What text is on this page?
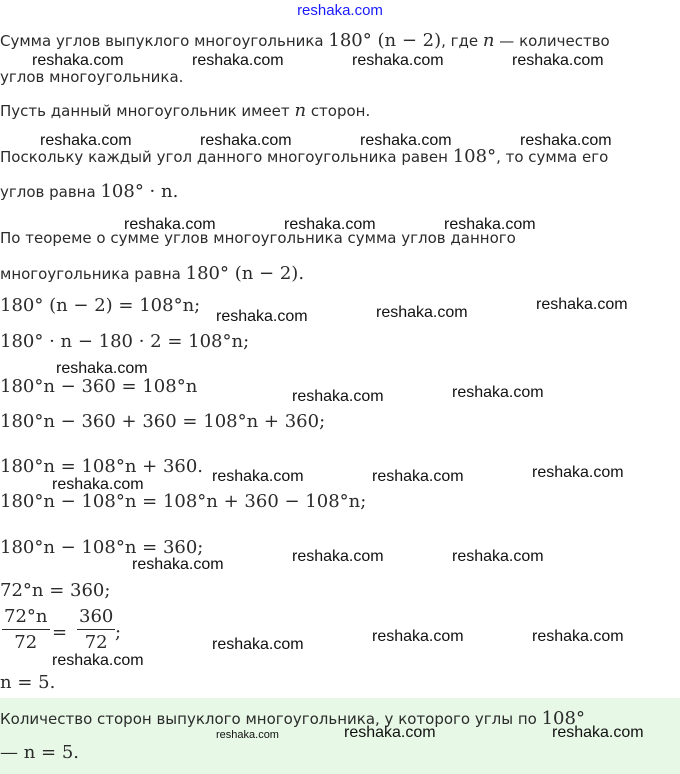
reshaka.com
Сумма углов выпуклого многоугольника 180° (n − 2), где n — количество
углов многоугольника.
Пусть данный многоугольник имеет n сторон.
Поскольку каждый угол данного многоугольника равен 108°, то сумма его
углов равна 108° · n.
По теореме о сумме углов многоугольника сумма углов данного
многоугольника равна 180° (n − 2).
180° (n − 2) = 108°n;
180° · n − 180 · 2 = 108°n;
180°n − 360 = 108°n
180°n − 360 + 360 = 108°n + 360;
180°n = 108°n + 360.
180°n − 108°n = 108°n + 360 − 108°n;
180°n − 108°n = 360;
72°n = 360;
$\frac{72^\circ n}{72} = \frac{360}{72}$ ;
n = 5.
Количество сторон выпуклого многоугольника, у которого углы по 108°
— n = 5.
reshaka.com	reshaka.com	reshaka.com	reshaka.com
reshaka.com	reshaka.com	reshaka.com	reshaka.com
reshaka.com	reshaka.com	reshaka.com
reshaka.com	reshaka.com	reshaka.com
reshaka.com
reshaka.com	reshaka.com
reshaka.com	reshaka.com	reshaka.com
reshaka.com
reshaka.com	reshaka.com
reshaka.com
reshaka.com	reshaka.com
reshaka.com
reshaka.com
reshaka.com	reshaka.com	reshaka.com
